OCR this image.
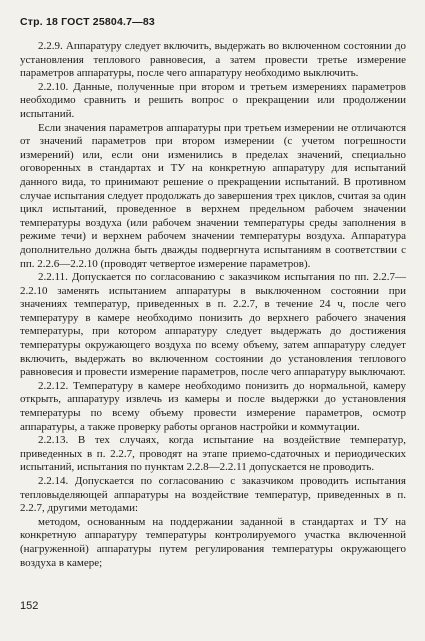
Стр. 18 ГОСТ 25804.7—83

2.2.9. Аппаратуру следует включить, выдержать во включенном состоянии до установления теплового равновесия, а затем провести третье измерение параметров аппаратуры, после чего аппаратуру необходимо выключить.

2.2.10. Данные, полученные при втором и третьем измерениях параметров необходимо сравнить и решить вопрос о прекращении или продолжении испытаний.

Если значения параметров аппаратуры при третьем измерении не отличаются от значений параметров при втором измерении (с учетом погрешности измерений) или, если они изменились в пределах значений, специально оговоренных в стандартах и ТУ на конкретную аппаратуру для испытаний данного вида, то принимают решение о прекращении испытаний. В противном случае испытания следует продолжать до завершения трех циклов, считая за один цикл испытаний, проведенное в верхнем предельном рабочем значении температуры воздуха (или рабочем значении температуры среды заполнения в режиме течи) и верхнем рабочем значении температуры воздуха. Аппаратура дополнительно должна быть дважды подвергнута испытаниям в соответствии с пп. 2.2.6—2.2.10 (проводят четвертое измерение параметров).

2.2.11. Допускается по согласованию с заказчиком испытания по пп. 2.2.7—2.2.10 заменять испытанием аппаратуры в выключенном состоянии при значениях температур, приведенных в п. 2.2.7, в течение 24 ч, после чего температуру в камере необходимо понизить до верхнего рабочего значения температуры, при котором аппаратуру следует выдержать до достижения температуры окружающего воздуха по всему объему, затем аппаратуру следует включить, выдержать во включенном состоянии до установления теплового равновесия и провести измерение параметров, после чего аппаратуру выключают.

2.2.12. Температуру в камере необходимо понизить до нормальной, камеру открыть, аппаратуру извлечь из камеры и после выдержки до установления температуры по всему объему провести измерение параметров, осмотр аппаратуры, а также проверку работы органов настройки и коммутации.

2.2.13. В тех случаях, когда испытание на воздействие температур, приведенных в п. 2.2.7, проводят на этапе приемо-сдаточных и периодических испытаний, испытания по пунктам 2.2.8—2.2.11 допускается не проводить.

2.2.14. Допускается по согласованию с заказчиком проводить испытания тепловыделяющей аппаратуры на воздействие температур, приведенных в п. 2.2.7, другими методами:

методом, основанным на поддержании заданной в стандартах и ТУ на конкретную аппаратуру температуры контролируемого участка включенной (нагруженной) аппаратуры путем регулирования температуры окружающего воздуха в камере;

152
